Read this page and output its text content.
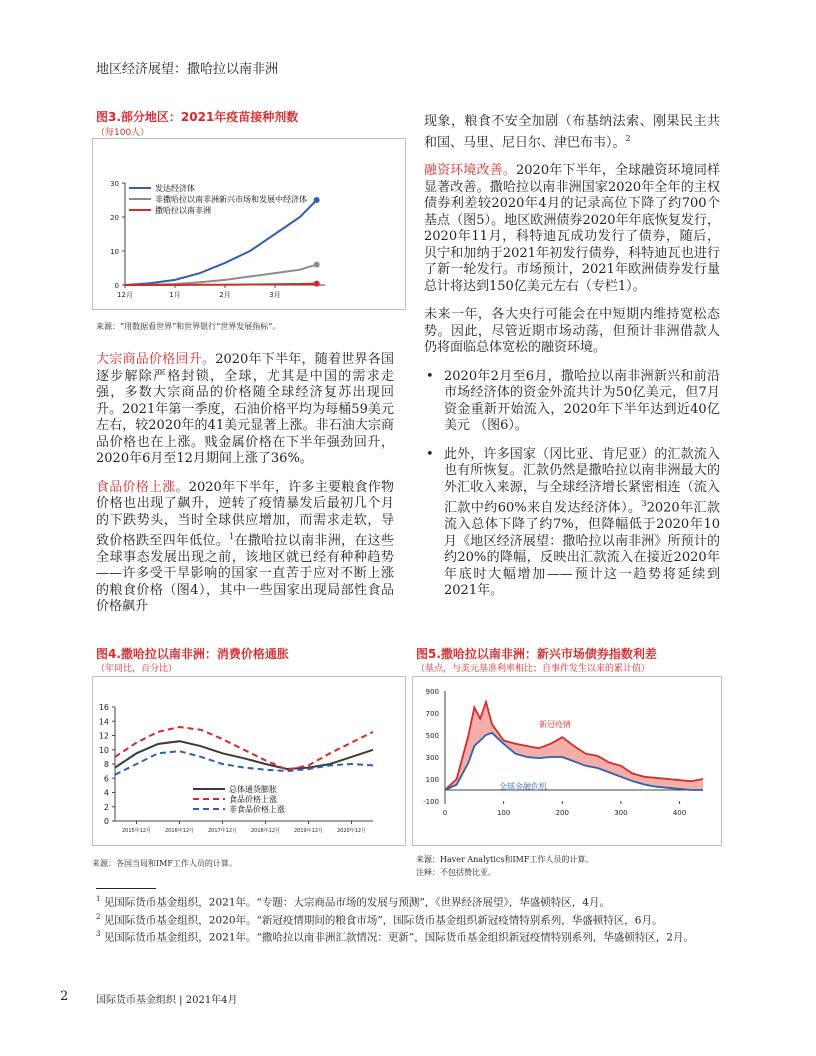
地区经济展望：撒哈拉以南非洲
图3.部分地区：2021年疫苗接种剂数
（每100人）
30
20
10
0
12月	1月	2月	3月
发达经济体
非撒哈拉以南非洲新兴市场和发展中经济体
撒哈拉以南非洲
来源：“用数据看世界”和世界银行“世界发展指标”。

大宗商品价格回升。2020年下半年，随着世界各国逐步解除严格封锁，全球，尤其是中国的需求走强，多数大宗商品的价格随全球经济复苏出现回升。2021年第一季度，石油价格平均为每桶59美元左右，较2020年的41美元显著上涨。非石油大宗商品价格也在上涨。贱金属价格在下半年强劲回升，2020年6月至12月期间上涨了36%。

食品价格上涨。2020年下半年，许多主要粮食作物价格也出现了飙升，逆转了疫情暴发后最初几个月的下跌势头，当时全球供应增加，而需求走软，导致价格跌至四年低位。$^1$在撒哈拉以南非洲，在这些全球事态发展出现之前，该地区就已经有种种趋势——许多受干旱影响的国家一直苦于应对不断上涨的粮食价格（图4），其中一些国家出现局部性食品价格飙升

现象，粮食不安全加剧（布基纳法索、刚果民主共和国、马里、尼日尔、津巴布韦）。$^2$

融资环境改善。2020年下半年，全球融资环境同样显著改善。撒哈拉以南非洲国家2020年全年的主权债券利差较2020年4月的记录高位下降了约700个基点（图5）。地区欧洲债券2020年年底恢复发行，2020年11月，科特迪瓦成功发行了债券，随后，贝宁和加纳于2021年初发行债券，科特迪瓦也进行了新一轮发行。市场预计，2021年欧洲债券发行量总计将达到150亿美元左右（专栏1）。

未来一年，各大央行可能会在中短期内维持宽松态势。因此，尽管近期市场动荡，但预计非洲借款人仍将面临总体宽松的融资环境。

• 2020年2月至6月，撒哈拉以南非洲新兴和前沿市场经济体的资金外流共计为50亿美元，但7月资金重新开始流入，2020年下半年达到近40亿美元 （图6）。
• 此外，许多国家（冈比亚、肯尼亚）的汇款流入也有所恢复。汇款仍然是撒哈拉以南非洲最大的外汇收入来源，与全球经济增长紧密相连（流入汇款中约60%来自发达经济体）。$^3$2020年汇款流入总体下降了约7%，但降幅低于2020年10月《地区经济展望：撒哈拉以南非洲》所预计的约20%的降幅，反映出汇款流入在接近2020年年底时大幅增加——预计这一趋势将延续到2021年。
图4.撒哈拉以南非洲：消费价格通胀
（年同比，百分比）
16
14
12
10
8
6
4
2
0
2015年12月	2016年12月	2017年12月	2018年12月	2019年12月	2020年12月
总体通货膨胀
食品价格上涨
非食品价格上涨
来源：各国当局和IMF工作人员的计算。
图5.撒哈拉以南非洲：新兴市场债券指数利差
（基点，与美元基准利率相比；自事件发生以来的累计值）
900
700
500
300
100
-100
0	100	200	300	400
新冠疫情
全球金融危机
来源：Haver Analytics和IMF工作人员的计算。
注释：不包括赞比亚。
$^1$ 见国际货币基金组织，2021年。“专题：大宗商品市场的发展与预测”，《世界经济展望》，华盛顿特区，4月。
$^2$ 见国际货币基金组织，2020年。“新冠疫情期间的粮食市场”，国际货币基金组织新冠疫情特别系列，华盛顿特区，6月。
$^3$ 见国际货币基金组织，2021年。“撒哈拉以南非洲汇款情况：更新”，国际货币基金组织新冠疫情特别系列，华盛顿特区，2月。
2	国际货币基金组织 | 2021年4月
